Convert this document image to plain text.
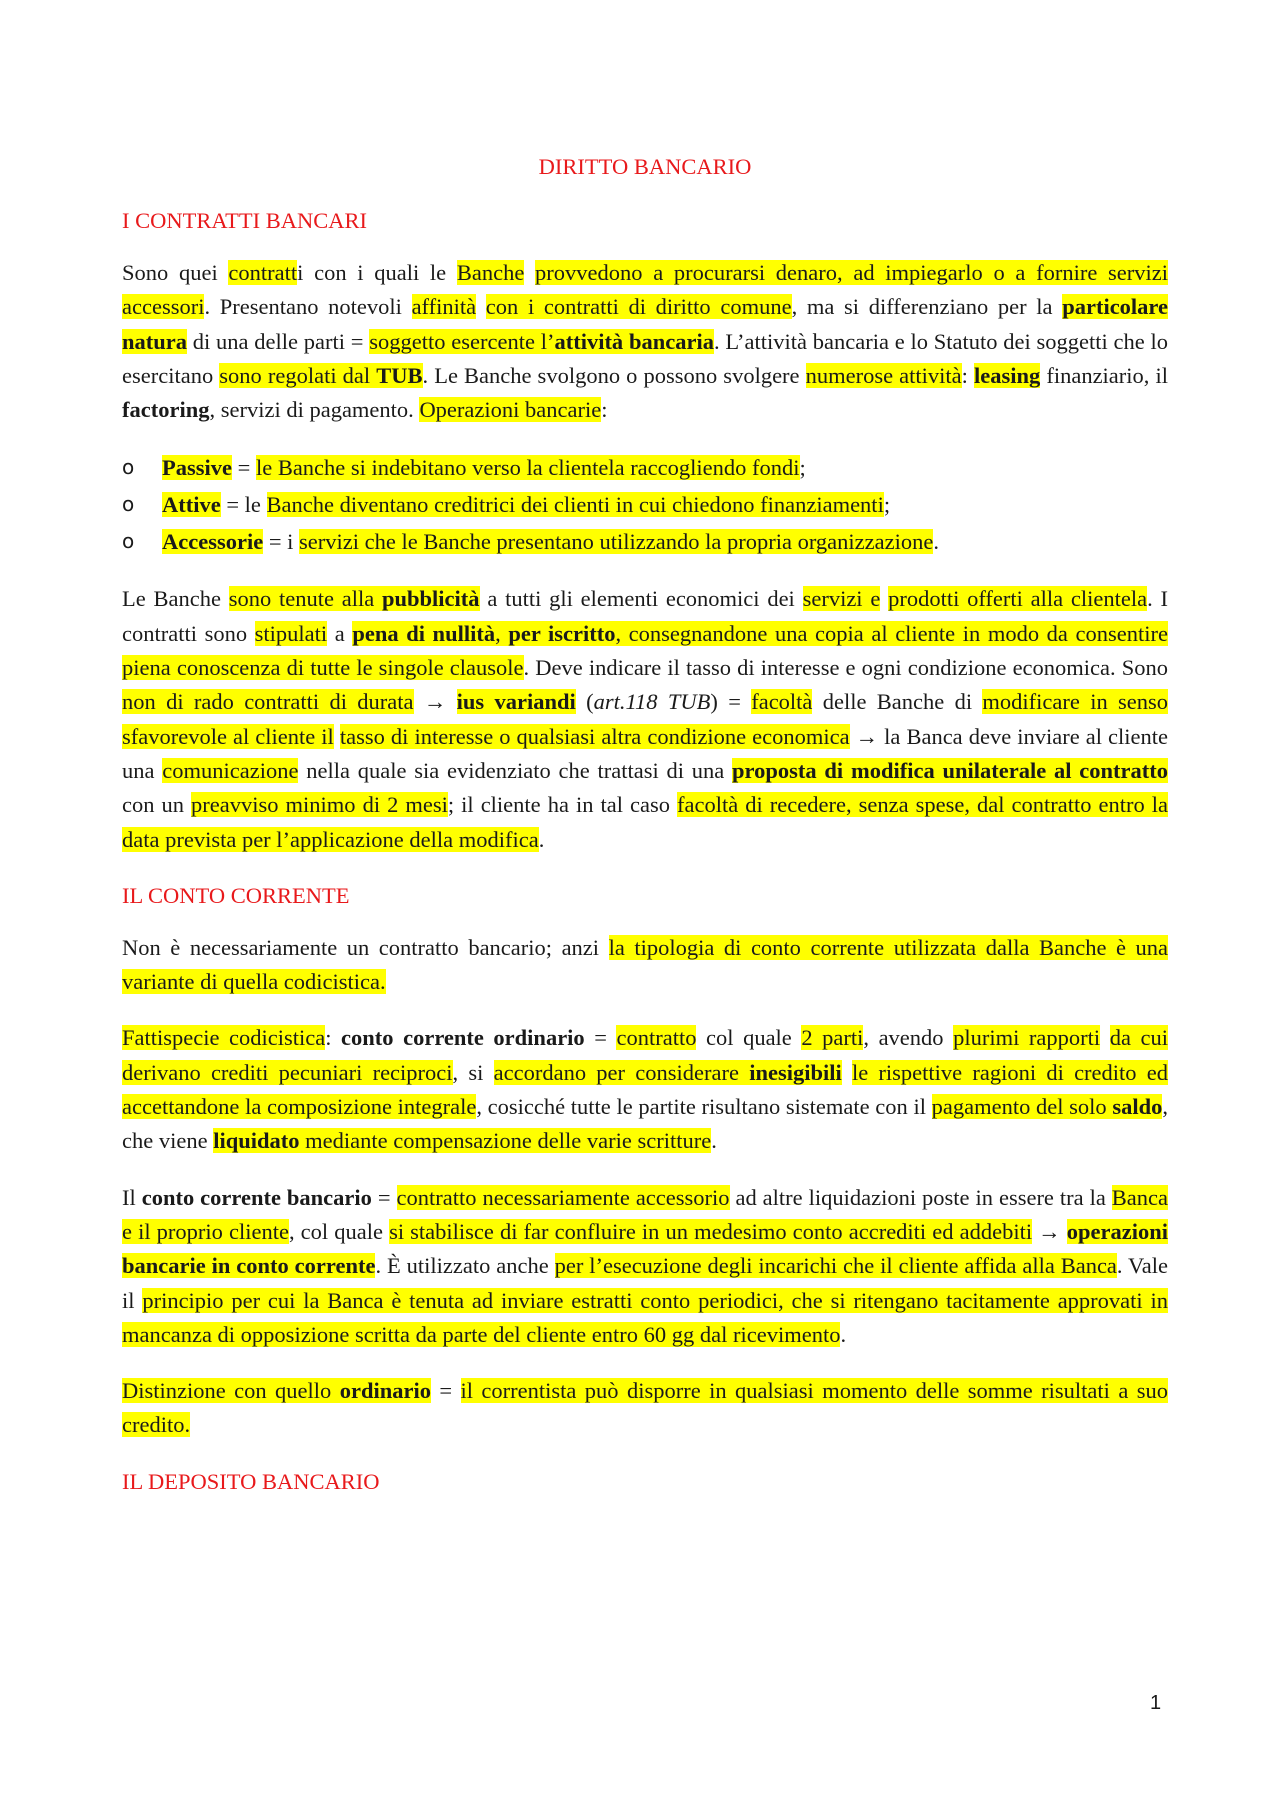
DIRITTO BANCARIO
I CONTRATTI BANCARI

Sono quei contratti con i quali le Banche provvedono a procurarsi denaro, ad impiegarlo o a fornire servizi accessori. Presentano notevoli affinità con i contratti di diritto comune, ma si differenziano per la particolare natura di una delle parti = soggetto esercente l’attività bancaria. L’attività bancaria e lo Statuto dei soggetti che lo esercitano sono regolati dal TUB. Le Banche svolgono o possono svolgere numerose attività: leasing finanziario, il factoring, servizi di pagamento. Operazioni bancarie:

o Passive = le Banche si indebitano verso la clientela raccogliendo fondi;
o Attive = le Banche diventano creditrici dei clienti in cui chiedono finanziamenti;
o Accessorie = i servizi che le Banche presentano utilizzando la propria organizzazione.

Le Banche sono tenute alla pubblicità a tutti gli elementi economici dei servizi e prodotti offerti alla clientela. I contratti sono stipulati a pena di nullità, per iscritto, consegnandone una copia al cliente in modo da consentire piena conoscenza di tutte le singole clausole. Deve indicare il tasso di interesse e ogni condizione economica. Sono non di rado contratti di durata → ius variandi (art.118 TUB) = facoltà delle Banche di modificare in senso sfavorevole al cliente il tasso di interesse o qualsiasi altra condizione economica → la Banca deve inviare al cliente una comunicazione nella quale sia evidenziato che trattasi di una proposta di modifica unilaterale al contratto con un preavviso minimo di 2 mesi; il cliente ha in tal caso facoltà di recedere, senza spese, dal contratto entro la data prevista per l’applicazione della modifica.

IL CONTO CORRENTE

Non è necessariamente un contratto bancario; anzi la tipologia di conto corrente utilizzata dalla Banche è una variante di quella codicistica.

Fattispecie codicistica: conto corrente ordinario = contratto col quale 2 parti, avendo plurimi rapporti da cui derivano crediti pecuniari reciproci, si accordano per considerare inesigibili le rispettive ragioni di credito ed accettandone la composizione integrale, cosicché tutte le partite risultano sistemate con il pagamento del solo saldo, che viene liquidato mediante compensazione delle varie scritture.

Il conto corrente bancario = contratto necessariamente accessorio ad altre liquidazioni poste in essere tra la Banca e il proprio cliente, col quale si stabilisce di far confluire in un medesimo conto accrediti ed addebiti → operazioni bancarie in conto corrente. È utilizzato anche per l’esecuzione degli incarichi che il cliente affida alla Banca. Vale il principio per cui la Banca è tenuta ad inviare estratti conto periodici, che si ritengano tacitamente approvati in mancanza di opposizione scritta da parte del cliente entro 60 gg dal ricevimento.

Distinzione con quello ordinario = il correntista può disporre in qualsiasi momento delle somme risultati a suo credito.

IL DEPOSITO BANCARIO
1
